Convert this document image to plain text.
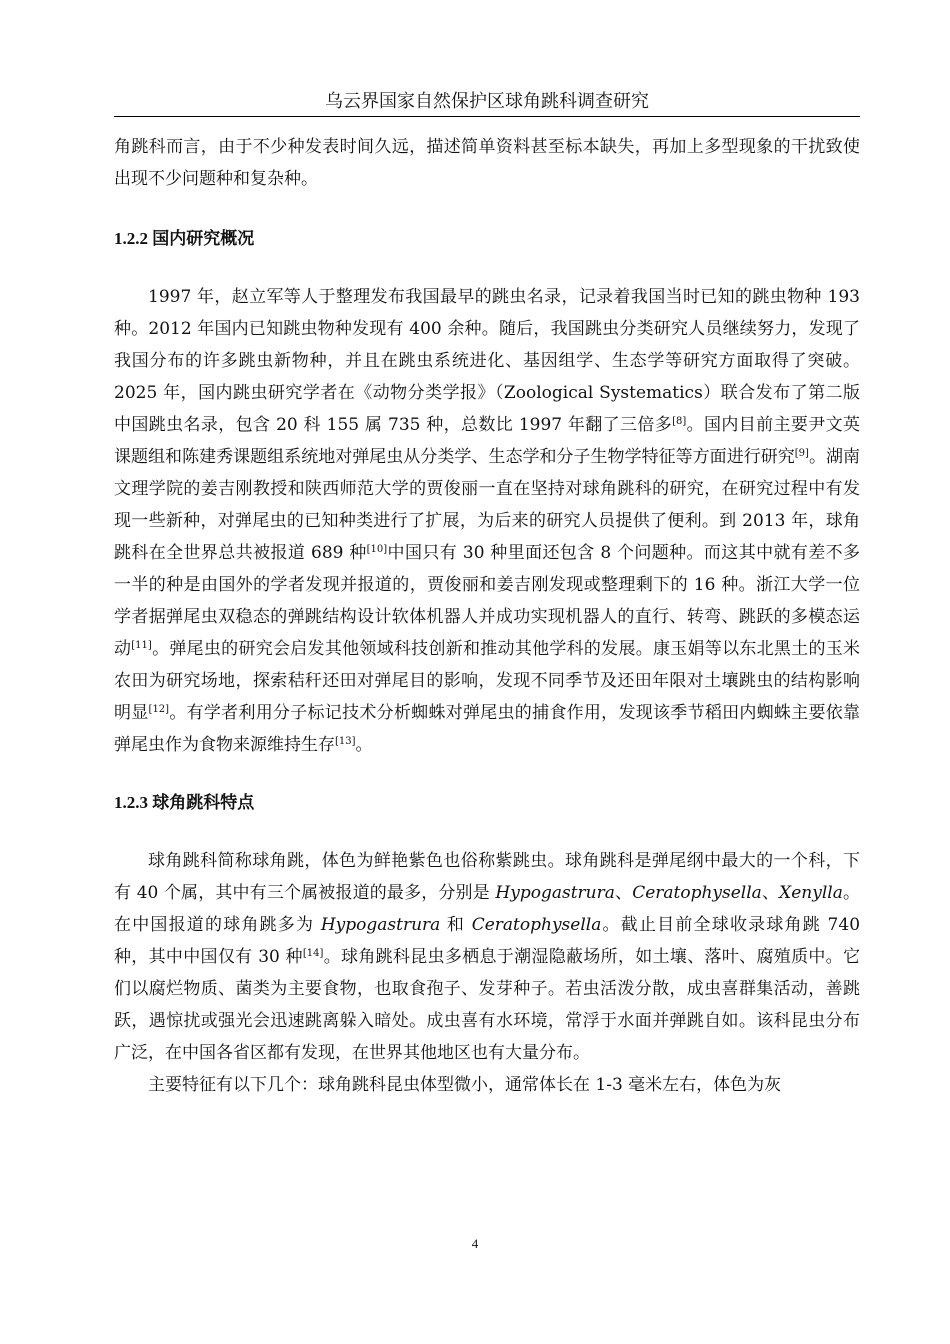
乌云界国家自然保护区球角跳科调查研究

角跳科而言，由于不少种发表时间久远，描述简单资料甚至标本缺失，再加上多型现象的干扰致使出现不少问题种和复杂种。

1.2.2 国内研究概况

1997 年，赵立军等人于整理发布我国最早的跳虫名录，记录着我国当时已知的跳虫物种 193 种。2012 年国内已知跳虫物种发现有 400 余种。随后，我国跳虫分类研究人员继续努力，发现了我国分布的许多跳虫新物种，并且在跳虫系统进化、基因组学、生态学等研究方面取得了突破。2025 年，国内跳虫研究学者在《动物分类学报》（Zoological Systematics）联合发布了第二版中国跳虫名录，包含 20 科 155 属 735 种，总数比 1997 年翻了三倍多[8]。国内目前主要尹文英课题组和陈建秀课题组系统地对弹尾虫从分类学、生态学和分子生物学特征等方面进行研究[9]。湖南文理学院的姜吉刚教授和陕西师范大学的贾俊丽一直在坚持对球角跳科的研究，在研究过程中有发现一些新种，对弹尾虫的已知种类进行了扩展，为后来的研究人员提供了便利。到 2013 年，球角跳科在全世界总共被报道 689 种[10]中国只有 30 种里面还包含 8 个问题种。而这其中就有差不多一半的种是由国外的学者发现并报道的，贾俊丽和姜吉刚发现或整理剩下的 16 种。浙江大学一位学者据弹尾虫双稳态的弹跳结构设计软体机器人并成功实现机器人的直行、转弯、跳跃的多模态运动[11]。弹尾虫的研究会启发其他领域科技创新和推动其他学科的发展。康玉娟等以东北黑土的玉米农田为研究场地，探索秸秆还田对弹尾目的影响，发现不同季节及还田年限对土壤跳虫的结构影响明显[12]。有学者利用分子标记技术分析蜘蛛对弹尾虫的捕食作用，发现该季节稻田内蜘蛛主要依靠弹尾虫作为食物来源维持生存[13]。

1.2.3 球角跳科特点

球角跳科简称球角跳，体色为鲜艳紫色也俗称紫跳虫。球角跳科是弹尾纲中最大的一个科，下有 40 个属，其中有三个属被报道的最多，分别是 Hypogastrura、Ceratophysella、Xenylla。在中国报道的球角跳多为 Hypogastrura 和 Ceratophysella。截止目前全球收录球角跳 740 种，其中中国仅有 30 种[14]。球角跳科昆虫多栖息于潮湿隐蔽场所，如土壤、落叶、腐殖质中。它们以腐烂物质、菌类为主要食物，也取食孢子、发芽种子。若虫活泼分散，成虫喜群集活动，善跳跃，遇惊扰或强光会迅速跳离躲入暗处。成虫喜有水环境，常浮于水面并弹跳自如。该科昆虫分布广泛，在中国各省区都有发现，在世界其他地区也有大量分布。

主要特征有以下几个：球角跳科昆虫体型微小，通常体长在 1-3 毫米左右，体色为灰

4
